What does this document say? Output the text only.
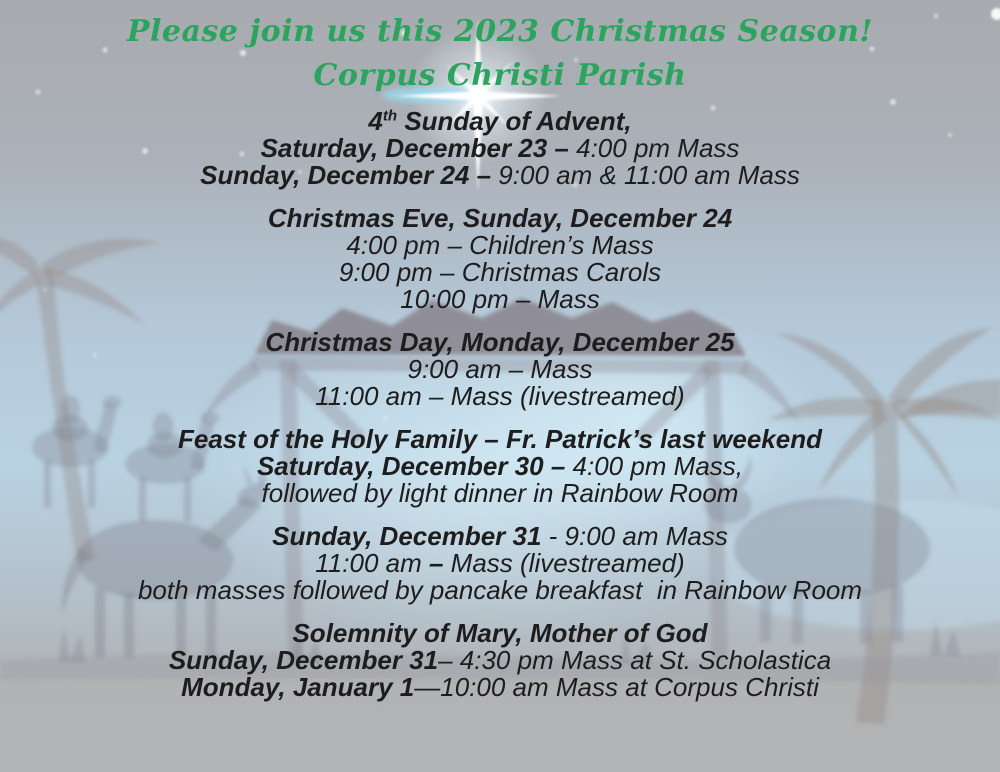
Please join us this 2023 Christmas Season!
Corpus Christi Parish
4th Sunday of Advent,
Saturday, December 23 – 4:00 pm Mass
Sunday, December 24 – 9:00 am & 11:00 am Mass
Christmas Eve, Sunday, December 24
4:00 pm – Children’s Mass
9:00 pm – Christmas Carols
10:00 pm – Mass
Christmas Day, Monday, December 25
9:00 am – Mass
11:00 am – Mass (livestreamed)
Feast of the Holy Family – Fr. Patrick’s last weekend
Saturday, December 30 – 4:00 pm Mass,
followed by light dinner in Rainbow Room
Sunday, December 31 - 9:00 am Mass
11:00 am – Mass (livestreamed)
both masses followed by pancake breakfast  in Rainbow Room
Solemnity of Mary, Mother of God
Sunday, December 31– 4:30 pm Mass at St. Scholastica
Monday, January 1—10:00 am Mass at Corpus Christi
